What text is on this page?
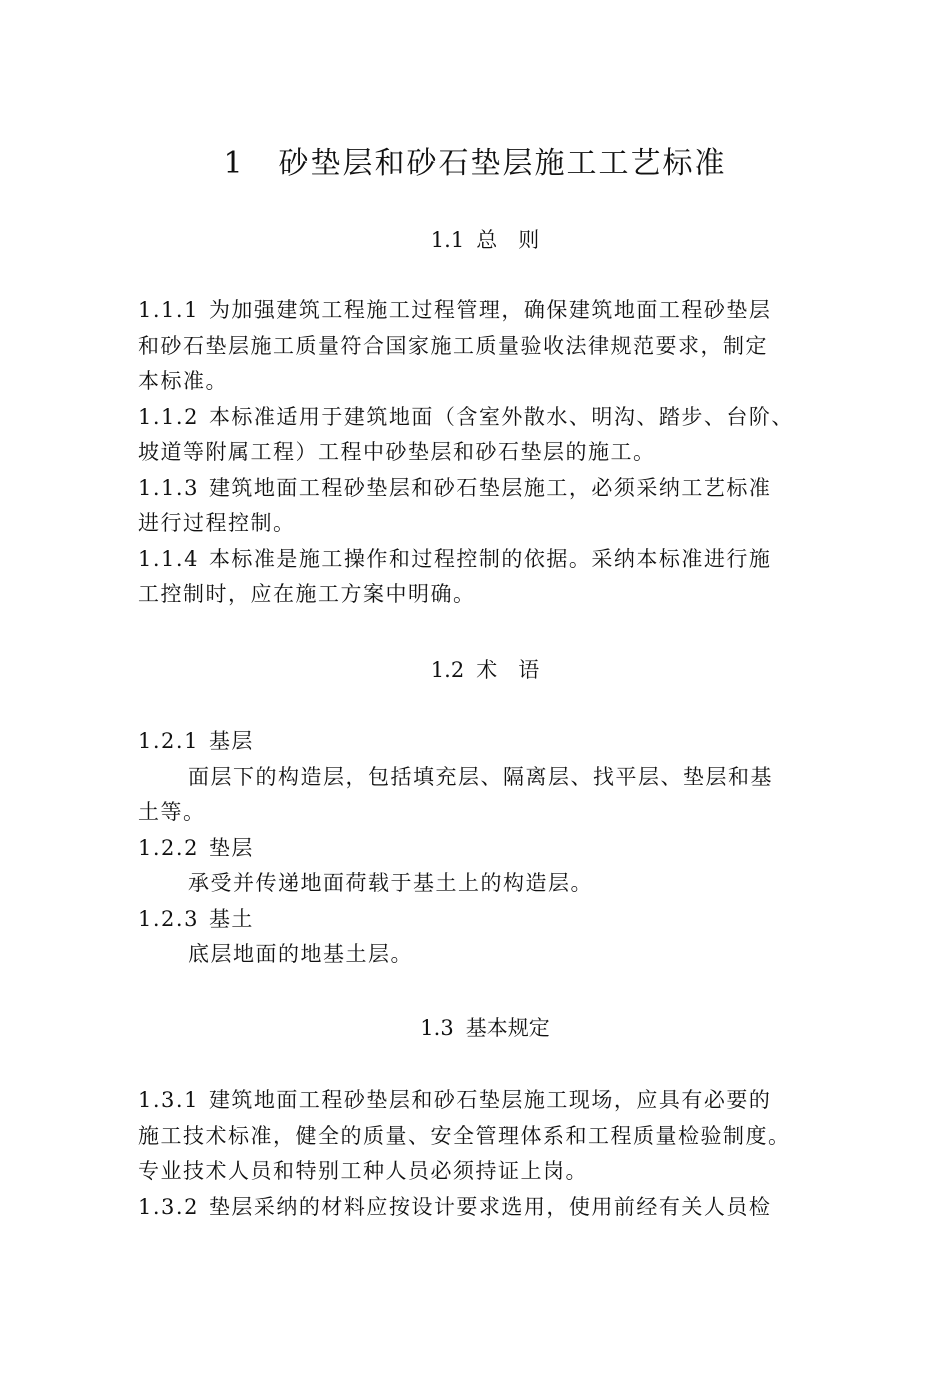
1 砂垫层和砂石垫层施工工艺标准
1.1 总　则
1.1.1 为加强建筑工程施工过程管理，确保建筑地面工程砂垫层
和砂石垫层施工质量符合国家施工质量验收法律规范要求，制定
本标准。
1.1.2 本标准适用于建筑地面（含室外散水、明沟、踏步、台阶、
坡道等附属工程）工程中砂垫层和砂石垫层的施工。
1.1.3 建筑地面工程砂垫层和砂石垫层施工，必须采纳工艺标准
进行过程控制。
1.1.4 本标准是施工操作和过程控制的依据。采纳本标准进行施
工控制时，应在施工方案中明确。
1.2 术　语
1.2.1 基层
面层下的构造层，包括填充层、隔离层、找平层、垫层和基
土等。
1.2.2 垫层
承受并传递地面荷载于基土上的构造层。
1.2.3 基土
底层地面的地基土层。
1.3 基本规定
1.3.1 建筑地面工程砂垫层和砂石垫层施工现场，应具有必要的
施工技术标准，健全的质量、安全管理体系和工程质量检验制度。
专业技术人员和特别工种人员必须持证上岗。
1.3.2 垫层采纳的材料应按设计要求选用，使用前经有关人员检
